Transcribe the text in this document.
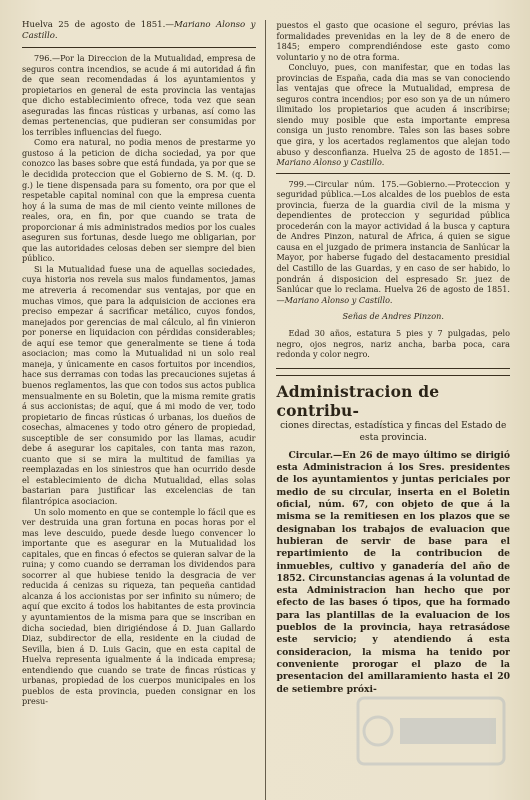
Huelva 25 de agosto de 1851.—Mariano Alonso y Castillo.

796.—Por la Direccion de la Mutualidad, empresa de seguros contra incendios, se acude á mi autoridad á fin de que sean recomendadas á los ayuntamientos y propietarios en general de esta provincia las ventajas que dicho establecimiento ofrece, toda vez que sean aseguradas las fincas rústicas y urbanas, así como las demas pertenencias, que pudieran ser consumidas por los terribles influencias del fuego.

Como era natural, no podia menos de prestarme yo gustoso á la peticion de dicha sociedad, ya por que conozco las bases sobre que está fundada, ya por que se le decidida proteccion que el Gobierno de S. M. (q. D. g.) le tiene dispensada para su fomento, ora por que el respetable capital nominal con que la empresa cuenta hoy á la suma de mas de mil ciento veinte millones de reales, ora, en fin, por que cuando se trata de proporcionar á mis administrados medios por los cuales aseguren sus fortunas, desde luego me obligarian, por que las autoridades celosas deben ser siempre del bien público.

Si la Mutualidad fuese una de aquellas sociedades, cuya historia nos revela sus malos fundamentos, jamas me atreveria á recomendar sus ventajas, por que en muchas vimos, que para la adquisicion de acciones era preciso empezar á sacrificar metálico, cuyos fondos, manejados por gerencias de mal cálculo, al fin vinieron por ponerse en liquidacion con pérdidas considerables; de aquí ese temor que generalmente se tiene á toda asociacion; mas como la Mutualidad ni un solo real maneja, y únicamente en casos fortuitos por incendios, hace sus derramas con todas las precauciones sujetas á buenos reglamentos, las que con todos sus actos publica mensualmente en su Boletin, que la misma remite gratis á sus accionistas; de aquí, que á mi modo de ver, todo propietario de fincas rústicas ó urbanas, los dueños de cosechas, almacenes y todo otro género de propiedad, susceptible de ser consumido por las llamas, acudir debe á asegurar los capitales, con tanta mas razon, cuanto que si se mira la multitud de familias ya reemplazadas en los siniestros que han ocurrido desde el establecimiento de dicha Mutualidad, ellas solas bastarian para justificar las excelencias de tan filantrópica asociacion.

Un solo momento en que se contemple lo fácil que es ver destruida una gran fortuna en pocas horas por el mas leve descuido, puede desde luego convencer lo importante que es asegurar en la Mutualidad los capitales, que en fincas ó efectos se quieran salvar de la ruina; y como cuando se derraman los dividendos para socorrer al que hubiese tenido la desgracia de ver reducida á cenizas su riqueza, tan pequeña cantidad alcanza á los accionistas por ser infinito su número; de aquí que excito á todos los habitantes de esta provincia y ayuntamientos de la misma para que se inscriban en dicha sociedad, bien dirigiéndose á D. Juan Gallardo Diaz, subdirector de ella, residente en la ciudad de Sevilla, bien á D. Luis Gacin, que en esta capital de Huelva representa igualmente á la indicada empresa; entendiendo que cuando se trate de fincas rústicas y urbanas, propiedad de los cuerpos municipales en los pueblos de esta provincia, pueden consignar en los presu-

puestos el gasto que ocasione el seguro, prévias las formalidades prevenidas en la ley de 8 de enero de 1845; empero comprendiéndose este gasto como voluntario y no de otra forma.

Concluyo, pues, con manifestar, que en todas las provincias de España, cada dia mas se van conociendo las ventajas que ofrece la Mutualidad, empresa de seguros contra incendios; por eso son ya de un número ilimitado los propietarios que acuden á inscribirse; siendo muy posible que esta importante empresa consiga un justo renombre. Tales son las bases sobre que gira, y los acertados reglamentos que alejan todo abuso y desconfianza. Huelva 25 de agosto de 1851.—Mariano Alonso y Castillo.

799.—Circular núm. 175.—Gobierno.—Proteccion y seguridad pública.—Los alcaldes de los pueblos de esta provincia, fuerza de la guardia civil de la misma y dependientes de proteccion y seguridad pública procederán con la mayor actividad á la busca y captura de Andres Pinzon, natural de Africa, á quien se sigue causa en el juzgado de primera instancia de Sanlúcar la Mayor, por haberse fugado del destacamento presidial del Castillo de las Guardas, y en caso de ser habido, lo pondrán á disposicion del espresado Sr. juez de Sanlúcar que lo reclama. Huelva 26 de agosto de 1851.—Mariano Alonso y Castillo.

Señas de Andres Pinzon.

Edad 30 años, estatura 5 pies y 7 pulgadas, pelo negro, ojos negros, nariz ancha, barba poca, cara redonda y color negro.

Administracion de contribu-
ciones directas, estadística y fincas del Estado de esta provincia.

Circular.—En 26 de mayo último se dirigió esta Administracion á los Sres. presidentes de los ayuntamientos y juntas periciales por medio de su circular, inserta en el Boletin oficial, núm. 67, con objeto de que á la misma se la remitiesen en los plazos que se designaban los trabajos de evaluacion que hubieran de servir de base para el repartimiento de la contribucion de inmuebles, cultivo y ganadería del año de 1852. Circunstancias agenas á la voluntad de esta Administracion han hecho que por efecto de las bases ó tipos, que ha formado para las plantillas de la evaluacion de los pueblos de la provincia, haya retrasádose este servicio; y atendiendo á esta consideracion, la misma ha tenido por conveniente prorogar el plazo de la presentacion del amillaramiento hasta el 20 de setiembre próxi-
